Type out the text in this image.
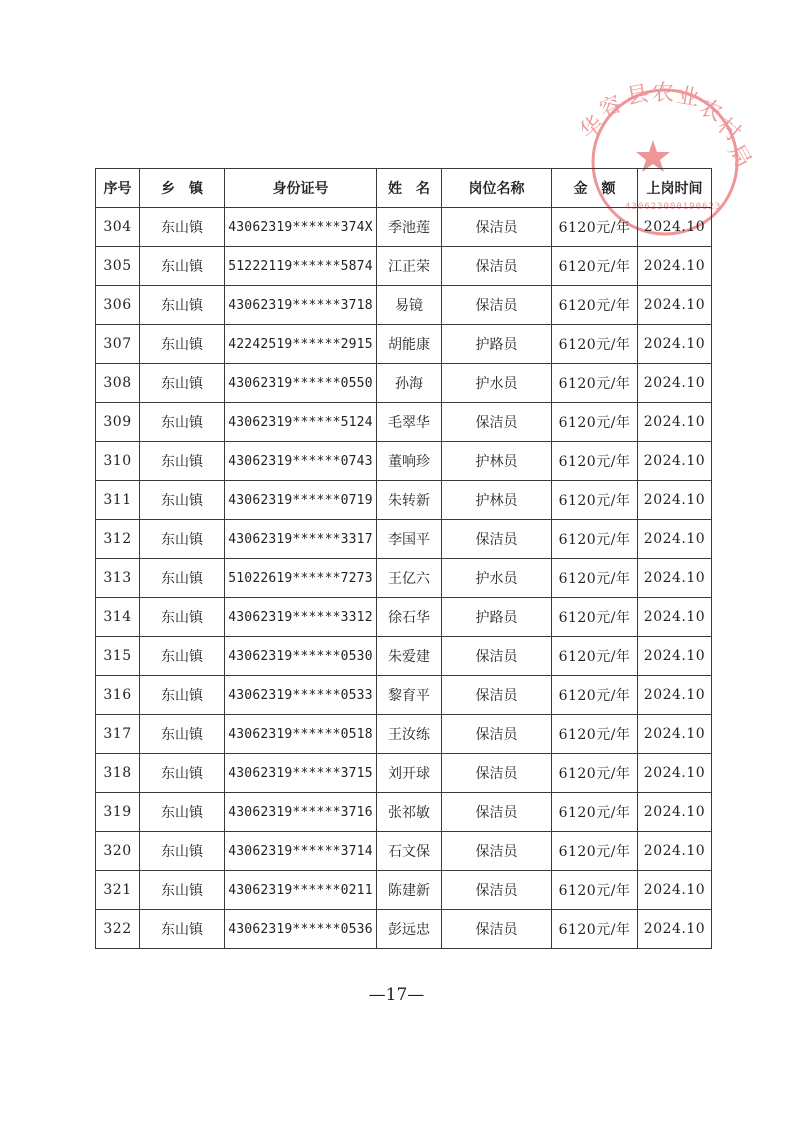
华
容
县 农 业
农
村
局
430623000190623
序号	乡　镇	身份证号	姓　名	岗位名称	金　额	上岗时间
304	东山镇	43062319******374X	季池莲	保洁员	6120元/年	2024.10
305	东山镇	51222119******5874	江正荣	保洁员	6120元/年	2024.10
306	东山镇	43062319******3718	易镜	保洁员	6120元/年	2024.10
307	东山镇	42242519******2915	胡能康	护路员	6120元/年	2024.10
308	东山镇	43062319******0550	孙海	护水员	6120元/年	2024.10
309	东山镇	43062319******5124	毛翠华	保洁员	6120元/年	2024.10
310	东山镇	43062319******0743	董响珍	护林员	6120元/年	2024.10
311	东山镇	43062319******0719	朱转新	护林员	6120元/年	2024.10
312	东山镇	43062319******3317	李国平	保洁员	6120元/年	2024.10
313	东山镇	51022619******7273	王亿六	护水员	6120元/年	2024.10
314	东山镇	43062319******3312	徐石华	护路员	6120元/年	2024.10
315	东山镇	43062319******0530	朱爱建	保洁员	6120元/年	2024.10
316	东山镇	43062319******0533	黎育平	保洁员	6120元/年	2024.10
317	东山镇	43062319******0518	王汝练	保洁员	6120元/年	2024.10
318	东山镇	43062319******3715	刘开球	保洁员	6120元/年	2024.10
319	东山镇	43062319******3716	张祁敏	保洁员	6120元/年	2024.10
320	东山镇	43062319******3714	石文保	保洁员	6120元/年	2024.10
321	东山镇	43062319******0211	陈建新	保洁员	6120元/年	2024.10
322	东山镇	43062319******0536	彭远忠	保洁员	6120元/年	2024.10
—17—
